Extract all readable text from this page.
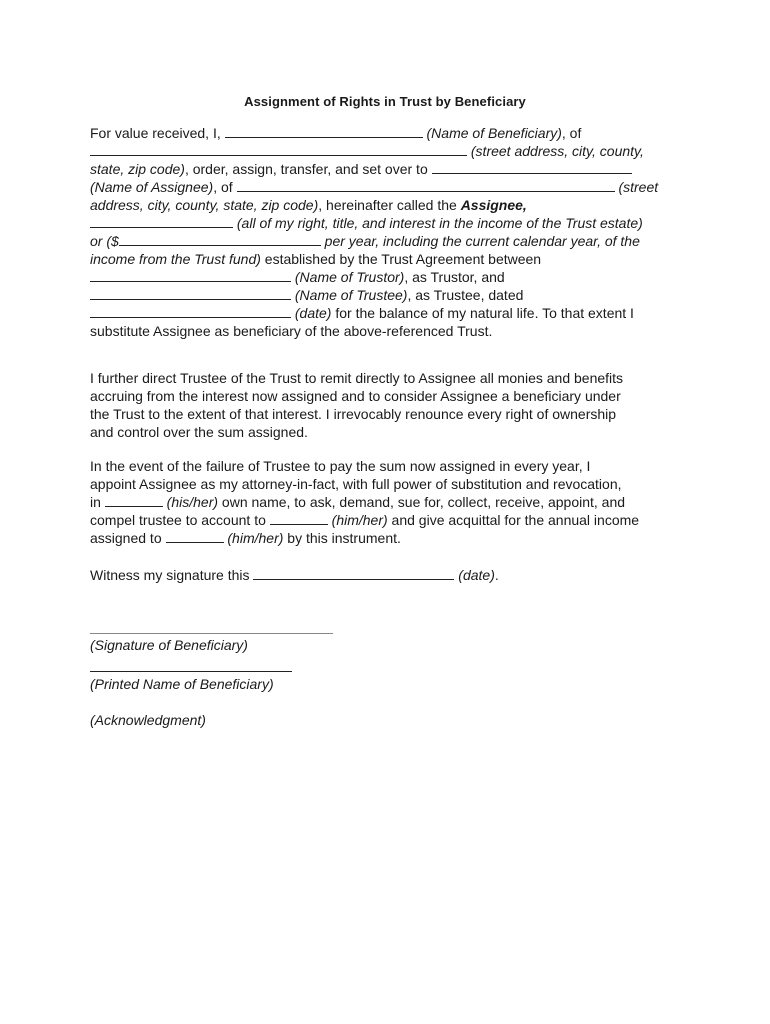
Assignment of Rights in Trust by Beneficiary
For value received, I,	(Name of Beneficiary), of
(street address, city, county,
state, zip code), order, assign, transfer, and set over to
(Name of Assignee), of	(street
address, city, county, state, zip code), hereinafter called the Assignee,
(all of my right, title, and interest in the income of the Trust estate)
or ($	per year, including the current calendar year, of the
income from the Trust fund) established by the Trust Agreement between
(Name of Trustor), as Trustor, and
(Name of Trustee), as Trustee, dated
(date) for the balance of my natural life. To that extent I
substitute Assignee as beneficiary of the above-referenced Trust.
I further direct Trustee of the Trust to remit directly to Assignee all monies and benefits
accruing from the interest now assigned and to consider Assignee a beneficiary under
the Trust to the extent of that interest. I irrevocably renounce every right of ownership
and control over the sum assigned.
In the event of the failure of Trustee to pay the sum now assigned in every year, I
appoint Assignee as my attorney-in-fact, with full power of substitution and revocation,
in	(his/her) own name, to ask, demand, sue for, collect, receive, appoint, and
compel trustee to account to	(him/her) and give acquittal for the annual income
assigned to	(him/her) by this instrument.
Witness my signature this	(date).
(Signature of Beneficiary)
(Printed Name of Beneficiary)
(Acknowledgment)
